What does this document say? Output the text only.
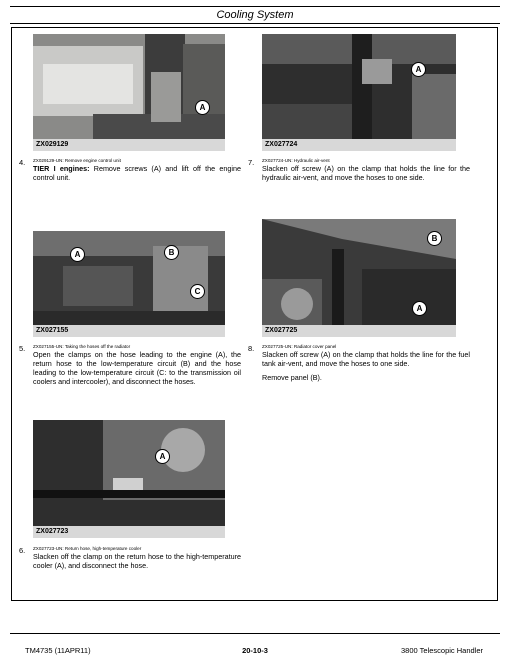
Cooling System
A
ZX029129
A
ZX027724
4. ZX029129-UN: Remove engine control unit
TIER I engines: Remove screws (A) and lift off the engine control unit.
7. ZX027724-UN: Hydraulic air-vent
Slacken off screw (A) on the clamp that holds the line for the hydraulic air-vent, and move the hoses to one side.
A	B
C
ZX027155
B
A
ZX027725
5. ZX027155-UN: Taking the hoses off the radiator
Open the clamps on the hose leading to the engine (A), the return hose to the low-temperature circuit (B) and the hose leading to the low-temperature circuit (C: to the transmission oil coolers and intercooler), and disconnect the hoses.
8. ZX027725-UN: Radiator cover panel
Slacken off screw (A) on the clamp that holds the line for the fuel tank air-vent, and move the hoses to one side.
Remove panel (B).
A
ZX027723
6. ZX027723-UN: Return hose, high-temperature cooler
Slacken off the clamp on the return hose to the high-temperature cooler (A), and disconnect the hose.
TM4735 (11APR11)	20-10-3	3800 Telescopic Handler
